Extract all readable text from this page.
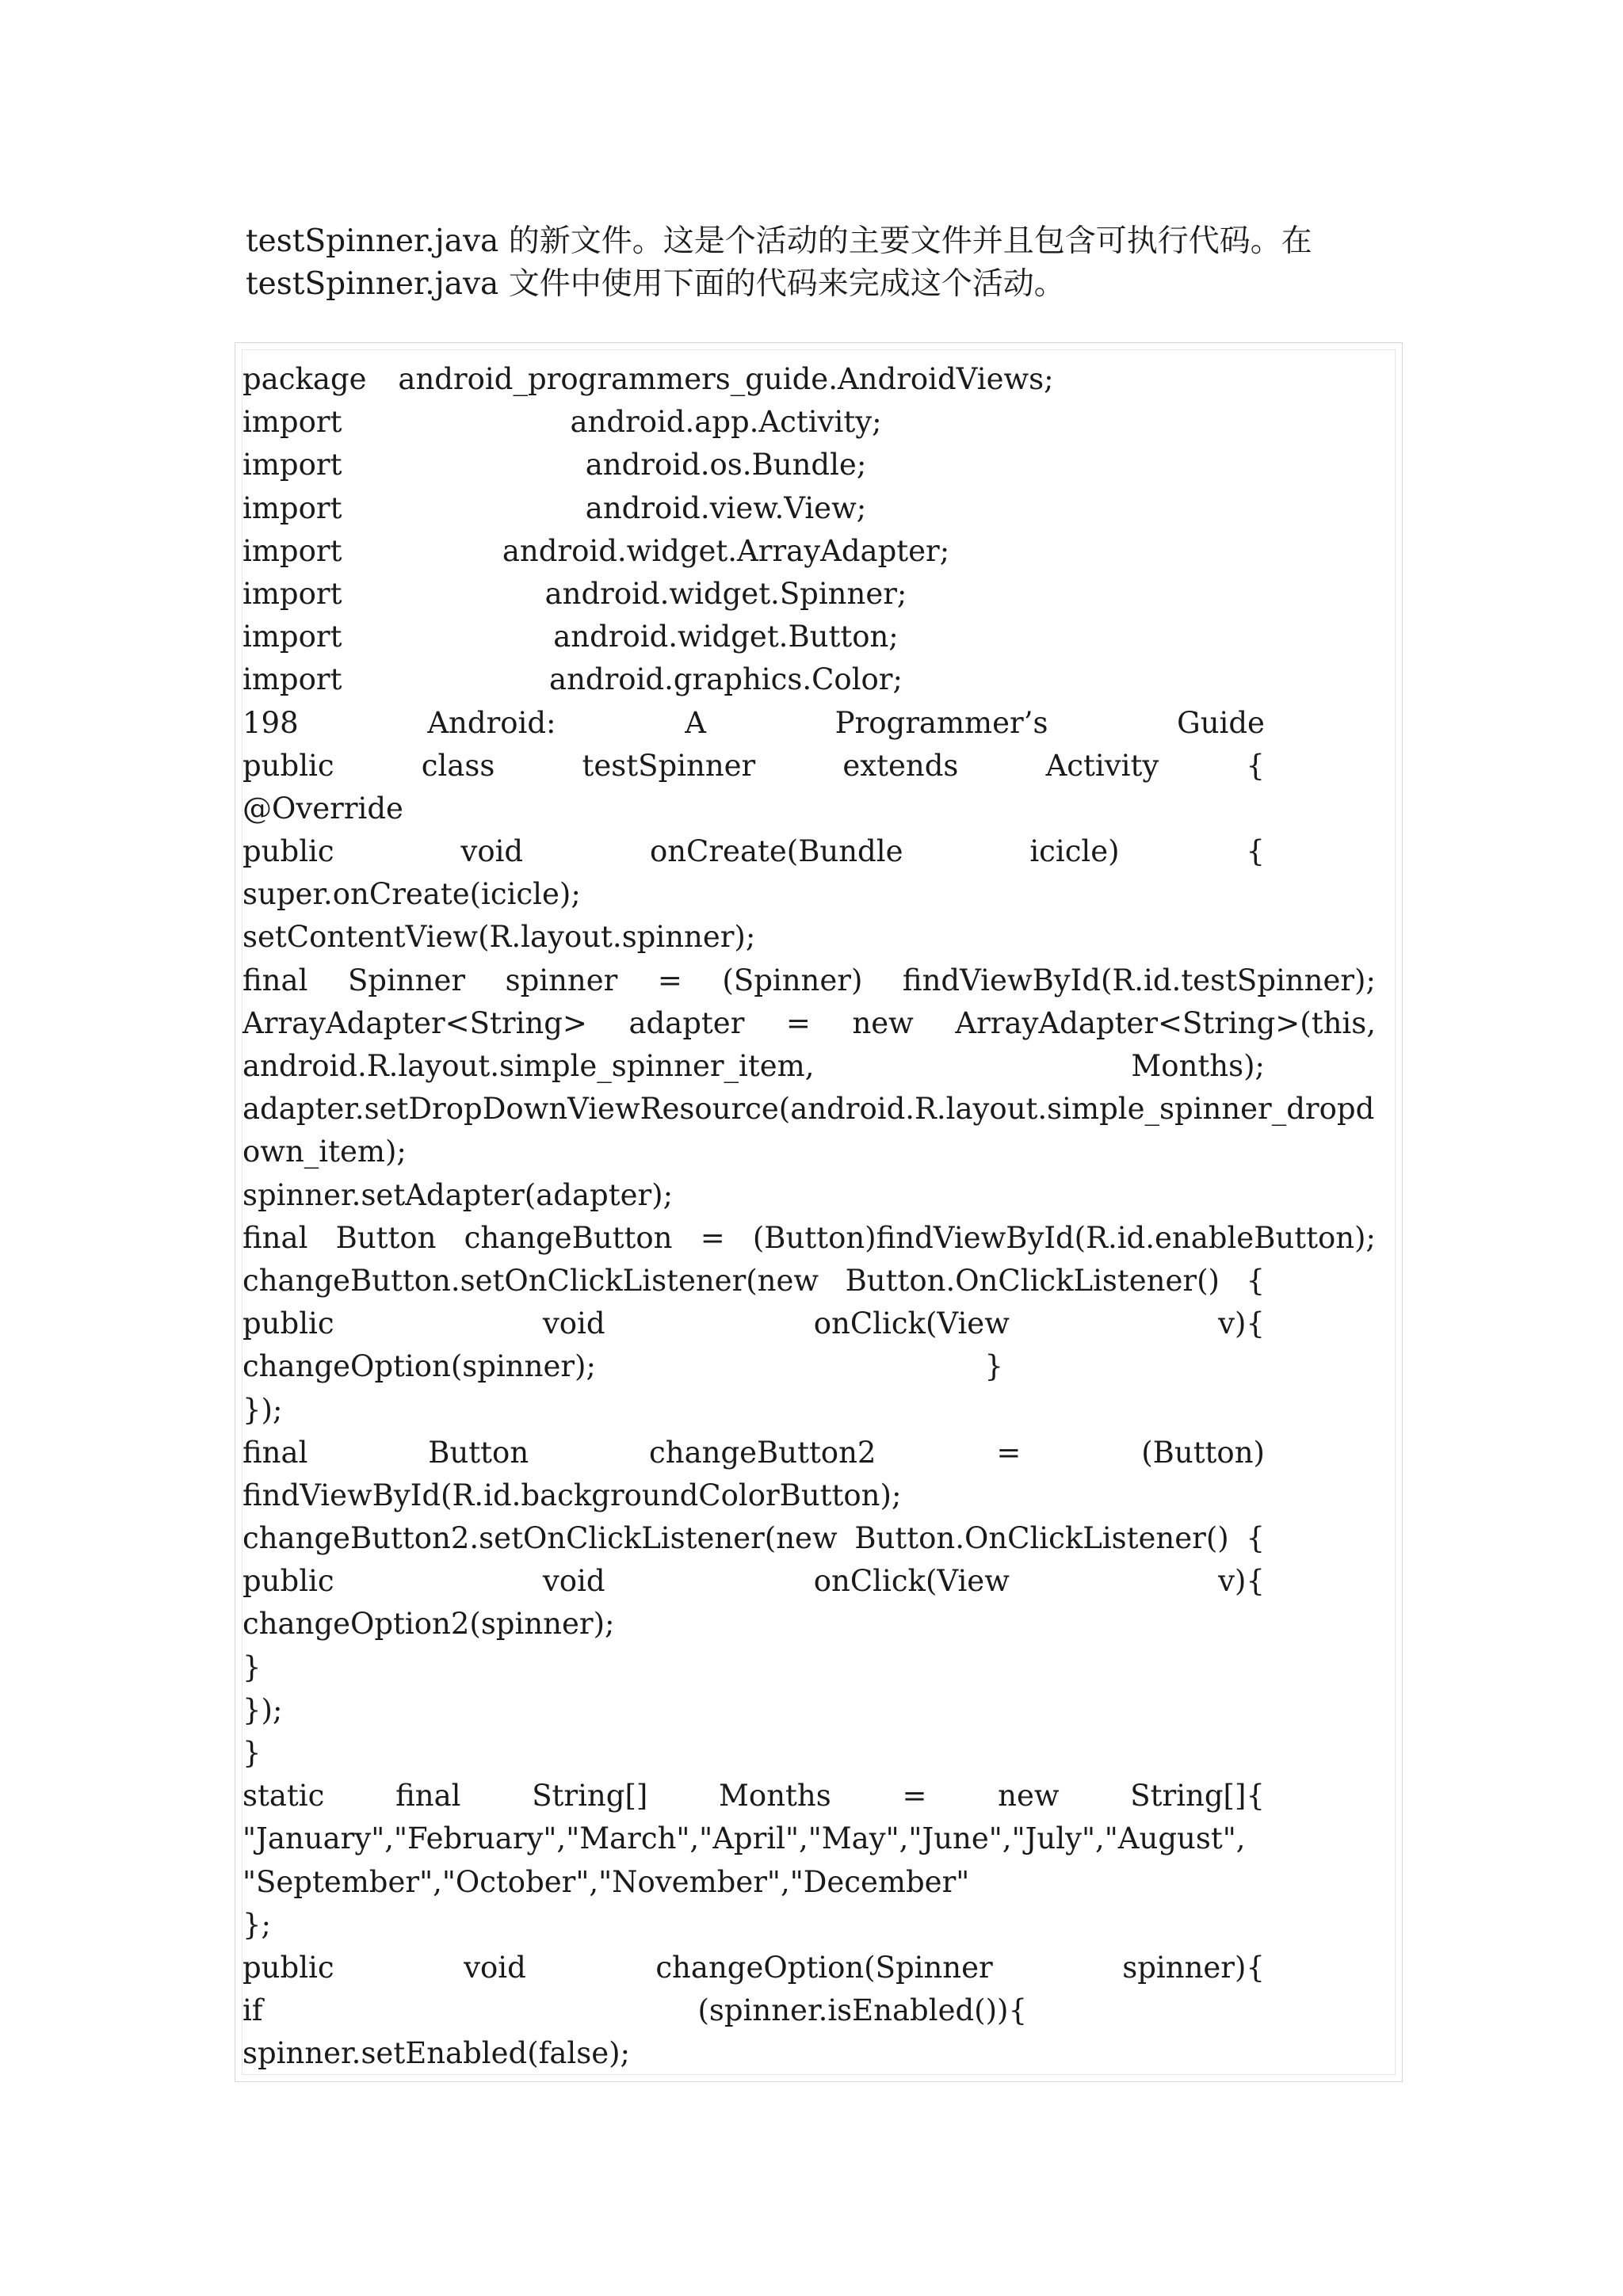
testSpinner.java 的新文件。这是个活动的主要文件并且包含可执行代码。在

testSpinner.java 文件中使用下面的代码来完成这个活动。

package android_programmers_guide.AndroidViews;
import	android.app.Activity;
import	android.os.Bundle;
import	android.view.View;
import	android.widget.ArrayAdapter;
import	android.widget.Spinner;
import	android.widget.Button;
import	android.graphics.Color;
198	Android:	A	Programmer’s	Guide
public	class	testSpinner	extends	Activity	{
@Override
public	void	onCreate(Bundle	icicle)	{
super.onCreate(icicle);
setContentView(R.layout.spinner);
final Spinner spinner = (Spinner) findViewById(R.id.testSpinner);
ArrayAdapter<String> adapter = new ArrayAdapter<String>(this,
android.R.layout.simple_spinner_item,	Months);
adapter.setDropDownViewResource(android.R.layout.simple_spinner_dropd
own_item);
spinner.setAdapter(adapter);
final Button changeButton = (Button)findViewById(R.id.enableButton);
changeButton.setOnClickListener(new Button.OnClickListener() {
public	void	onClick(View	v){
changeOption(spinner);	}
});
final	Button	changeButton2	=	(Button)
findViewById(R.id.backgroundColorButton);
changeButton2.setOnClickListener(new Button.OnClickListener() {
public	void	onClick(View	v){
changeOption2(spinner);
}
});
}
static final String[] Months = new String[]{
"January","February","March","April","May","June","July","August",
"September","October","November","December"
};
public	void	changeOption(Spinner	spinner){
if	(spinner.isEnabled()){
spinner.setEnabled(false);
